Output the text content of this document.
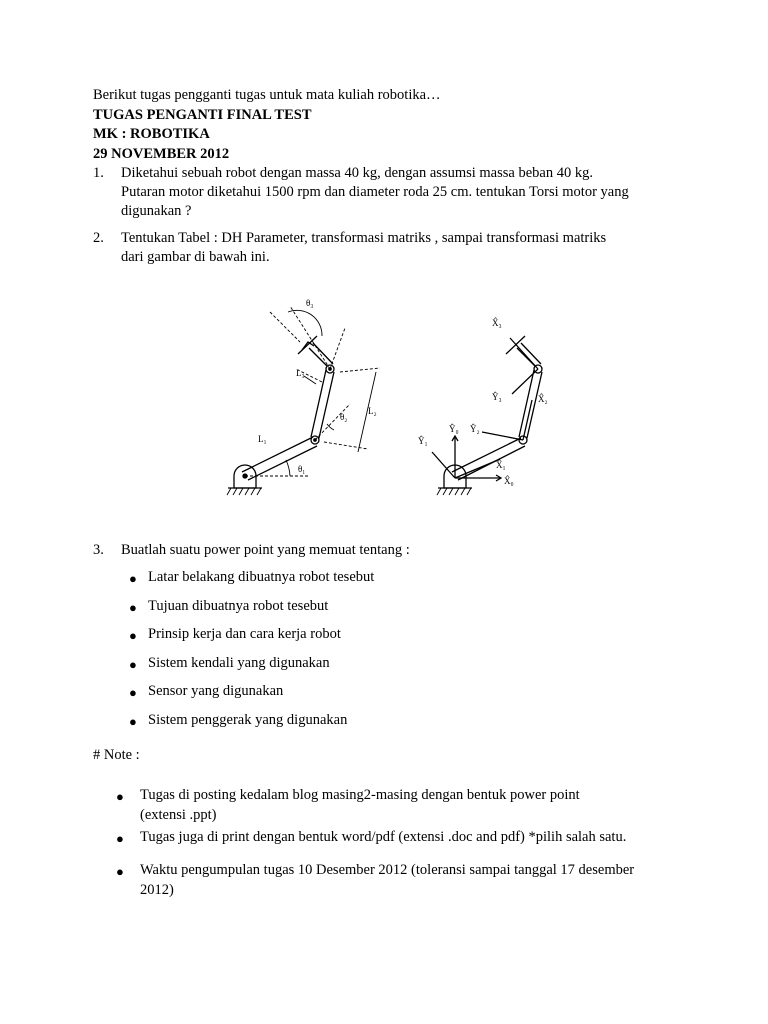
Berikut tugas pengganti tugas untuk mata kuliah robotika…
TUGAS PENGANTI FINAL TEST
MK : ROBOTIKA
29 NOVEMBER 2012
1. Diketahui sebuah robot dengan massa 40 kg, dengan assumsi massa beban 40 kg.
Putaran motor diketahui 1500 rpm dan diameter roda 25 cm. tentukan Torsi motor yang
digunakan ?
2. Tentukan Tabel : DH Parameter, transformasi matriks , sampai transformasi matriks
dari gambar di bawah ini.
θ₃
θ₂
θ₁
L₁
L₂
L₃
X̂₀
Ŷ₀
X̂₁
Ŷ₁
X̂₂
Ŷ₂
X̂₃
Ŷ₃
3. Buatlah suatu power point yang memuat tentang :
● Latar belakang dibuatnya robot tesebut
● Tujuan dibuatnya robot tesebut
● Prinsip kerja dan cara kerja robot
● Sistem kendali yang digunakan
● Sensor yang digunakan
● Sistem penggerak yang digunakan
# Note :
● Tugas di posting kedalam blog masing2-masing dengan bentuk power point
(extensi .ppt)
● Tugas juga di print dengan bentuk word/pdf (extensi .doc and pdf) *pilih salah satu.
● Waktu pengumpulan tugas 10 Desember 2012 (toleransi sampai tanggal 17 desember
2012)
